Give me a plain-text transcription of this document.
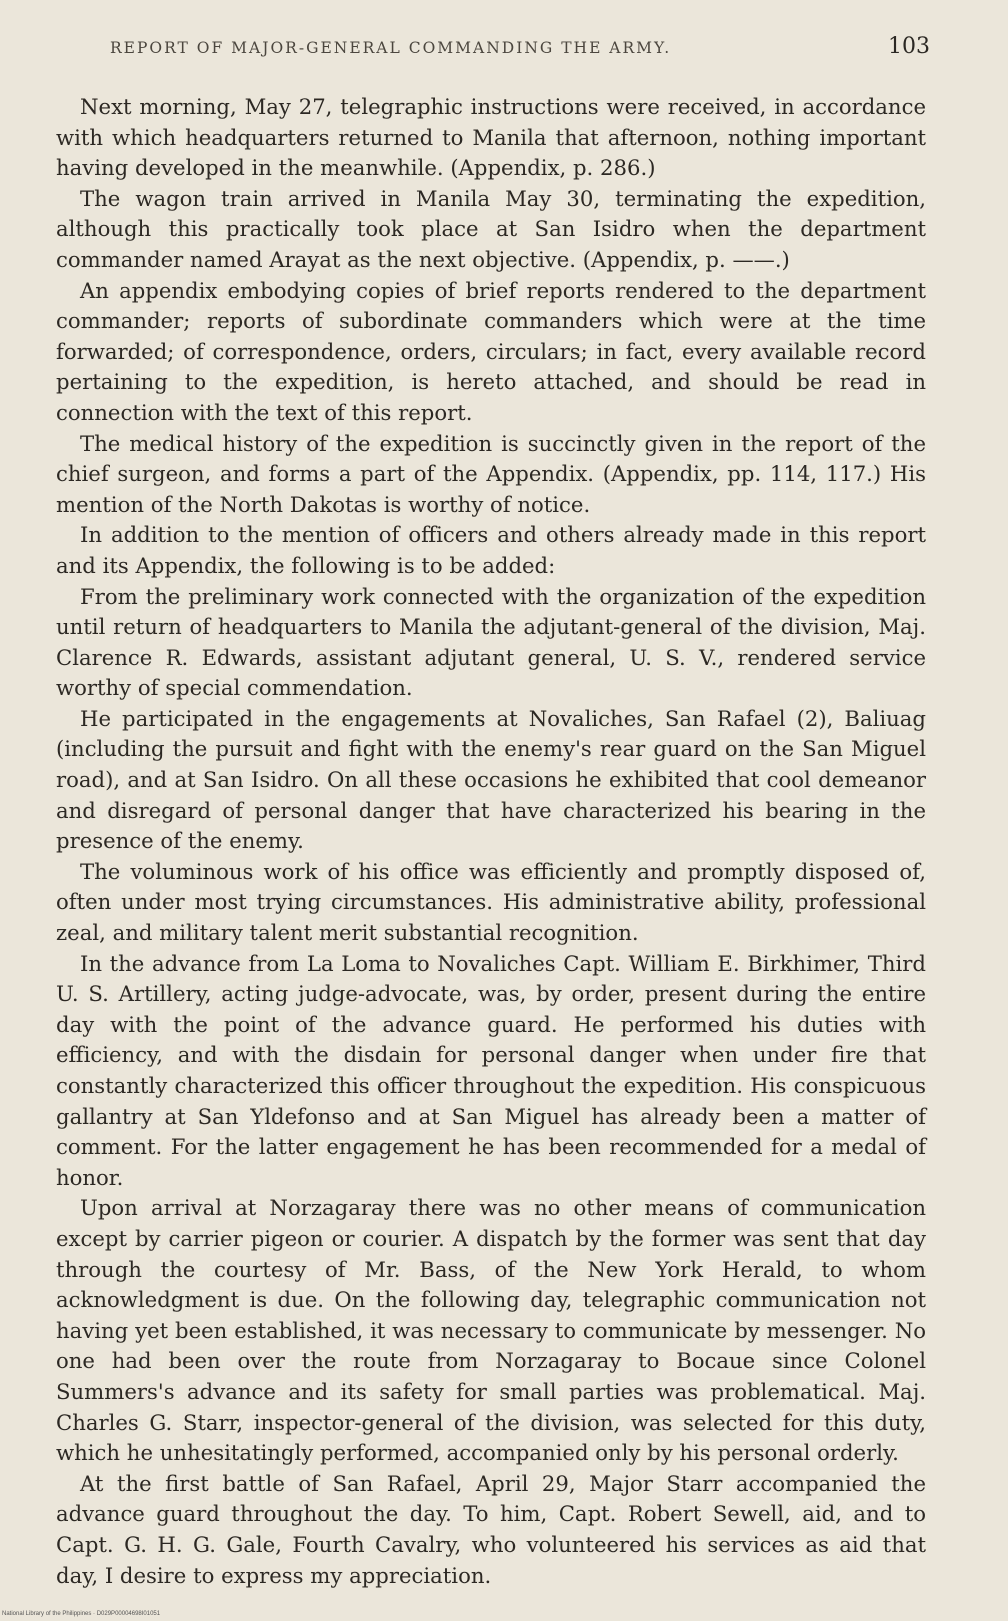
REPORT OF MAJOR-GENERAL COMMANDING THE ARMY.	103

Next morning, May 27, telegraphic instructions were received, in accordance with which headquarters returned to Manila that afternoon, nothing important having developed in the meanwhile. (Appendix, p. 286.)

The wagon train arrived in Manila May 30, terminating the expedition, although this practically took place at San Isidro when the department commander named Arayat as the next objective. (Appendix, p. ——.)

An appendix embodying copies of brief reports rendered to the department commander; reports of subordinate commanders which were at the time forwarded; of correspondence, orders, circulars; in fact, every available record pertaining to the expedition, is hereto attached, and should be read in connection with the text of this report.

The medical history of the expedition is succinctly given in the report of the chief surgeon, and forms a part of the Appendix. (Appendix, pp. 114, 117.) His mention of the North Dakotas is worthy of notice.

In addition to the mention of officers and others already made in this report and its Appendix, the following is to be added:

From the preliminary work connected with the organization of the expedition until return of headquarters to Manila the adjutant-general of the division, Maj. Clarence R. Edwards, assistant adjutant general, U. S. V., rendered service worthy of special commendation.

He participated in the engagements at Novaliches, San Rafael (2), Baliuag (including the pursuit and fight with the enemy's rear guard on the San Miguel road), and at San Isidro. On all these occasions he exhibited that cool demeanor and disregard of personal danger that have characterized his bearing in the presence of the enemy.

The voluminous work of his office was efficiently and promptly disposed of, often under most trying circumstances. His administrative ability, professional zeal, and military talent merit substantial recognition.

In the advance from La Loma to Novaliches Capt. William E. Birkhimer, Third U. S. Artillery, acting judge-advocate, was, by order, present during the entire day with the point of the advance guard. He performed his duties with efficiency, and with the disdain for personal danger when under fire that constantly characterized this officer throughout the expedition. His conspicuous gallantry at San Yldefonso and at San Miguel has already been a matter of comment. For the latter engagement he has been recommended for a medal of honor.

Upon arrival at Norzagaray there was no other means of communication except by carrier pigeon or courier. A dispatch by the former was sent that day through the courtesy of Mr. Bass, of the New York Herald, to whom acknowledgment is due. On the following day, telegraphic communication not having yet been established, it was necessary to communicate by messenger. No one had been over the route from Norzagaray to Bocaue since Colonel Summers's advance and its safety for small parties was problematical. Maj. Charles G. Starr, inspector-general of the division, was selected for this duty, which he unhesitatingly performed, accompanied only by his personal orderly.

At the first battle of San Rafael, April 29, Major Starr accompanied the advance guard throughout the day. To him, Capt. Robert Sewell, aid, and to Capt. G. H. G. Gale, Fourth Cavalry, who volunteered his services as aid that day, I desire to express my appreciation.

National Library of the Philippines · D029P00004698I01051
